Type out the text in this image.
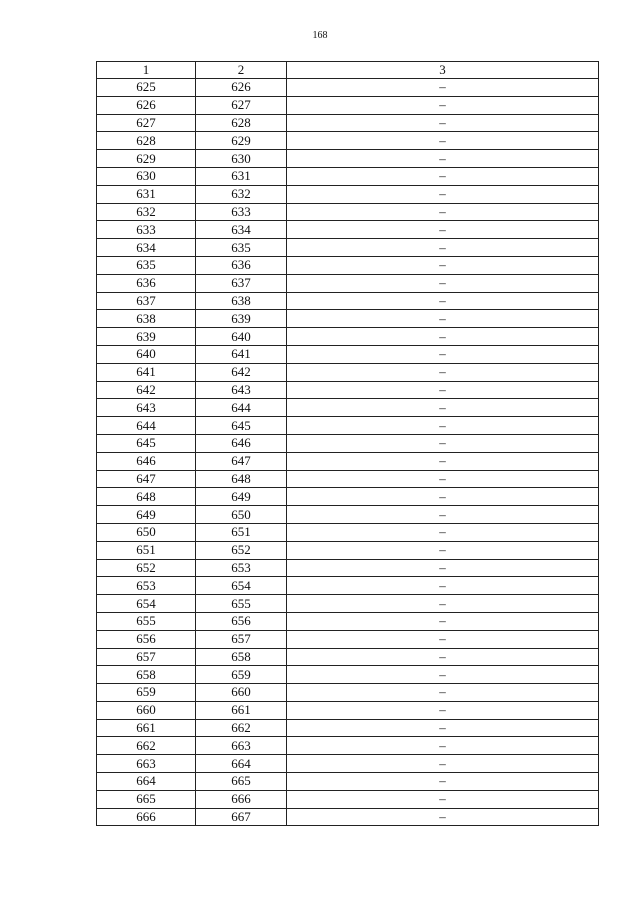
168
1	2	3
625	626	–
626	627	–
627	628	–
628	629	–
629	630	–
630	631	–
631	632	–
632	633	–
633	634	–
634	635	–
635	636	–
636	637	–
637	638	–
638	639	–
639	640	–
640	641	–
641	642	–
642	643	–
643	644	–
644	645	–
645	646	–
646	647	–
647	648	–
648	649	–
649	650	–
650	651	–
651	652	–
652	653	–
653	654	–
654	655	–
655	656	–
656	657	–
657	658	–
658	659	–
659	660	–
660	661	–
661	662	–
662	663	–
663	664	–
664	665	–
665	666	–
666	667	–
